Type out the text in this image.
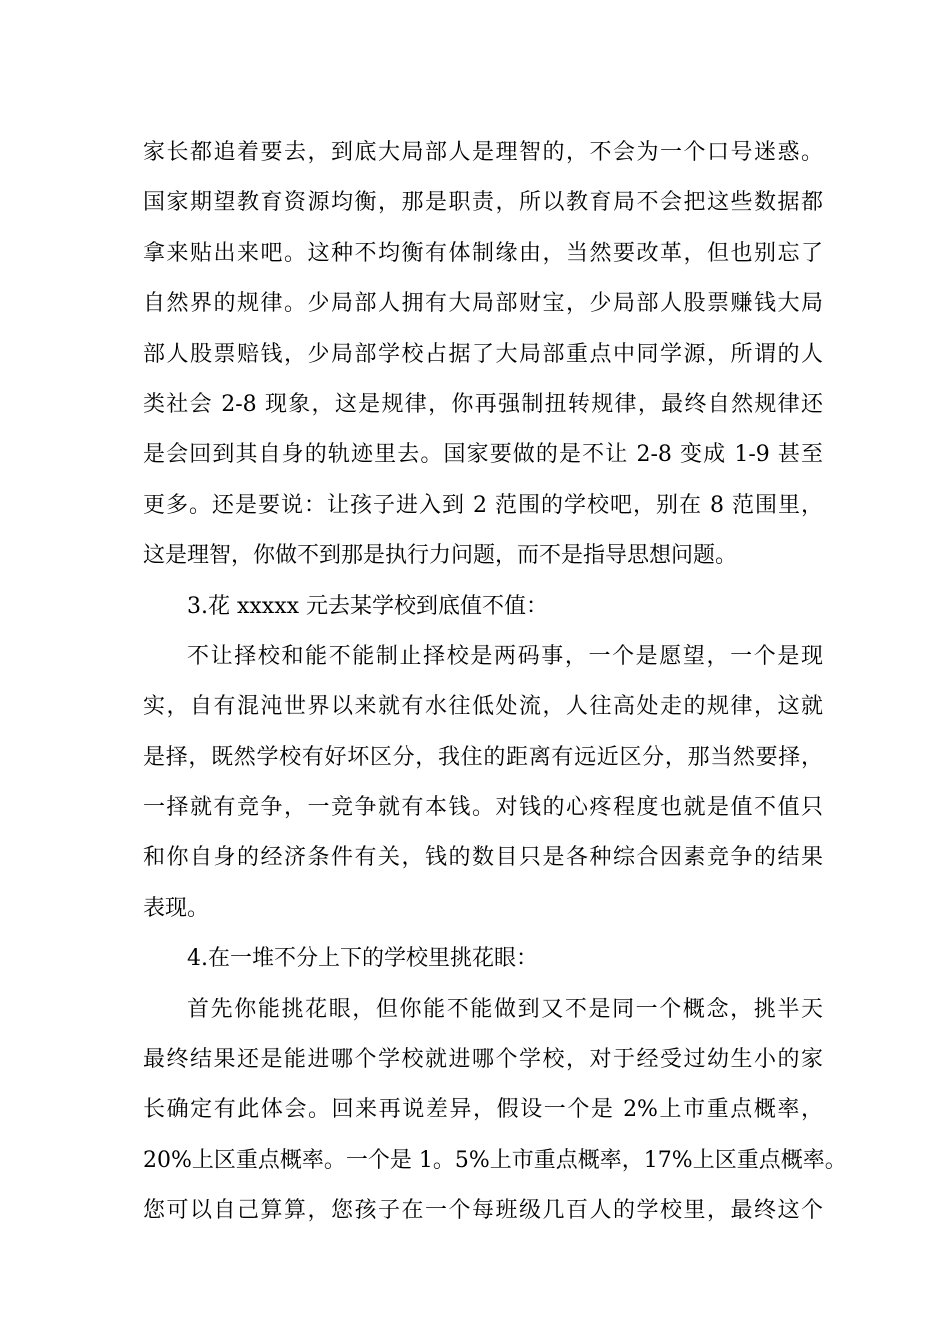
家长都追着要去，到底大局部人是理智的，不会为一个口号迷惑。
国家期望教育资源均衡，那是职责，所以教育局不会把这些数据都
拿来贴出来吧。这种不均衡有体制缘由，当然要改革，但也别忘了
自然界的规律。少局部人拥有大局部财宝，少局部人股票赚钱大局
部人股票赔钱，少局部学校占据了大局部重点中同学源，所谓的人
类社会 2-8 现象，这是规律，你再强制扭转规律，最终自然规律还
是会回到其自身的轨迹里去。国家要做的是不让 2-8 变成 1-9 甚至
更多。还是要说：让孩子进入到 2 范围的学校吧，别在 8 范围里，
这是理智，你做不到那是执行力问题，而不是指导思想问题。
3.花 xxxxx 元去某学校到底值不值：
不让择校和能不能制止择校是两码事，一个是愿望，一个是现
实，自有混沌世界以来就有水往低处流，人往高处走的规律，这就
是择，既然学校有好坏区分，我住的距离有远近区分，那当然要择，
一择就有竞争，一竞争就有本钱。对钱的心疼程度也就是值不值只
和你自身的经济条件有关，钱的数目只是各种综合因素竞争的结果
表现。
4.在一堆不分上下的学校里挑花眼：
首先你能挑花眼，但你能不能做到又不是同一个概念，挑半天
最终结果还是能进哪个学校就进哪个学校，对于经受过幼生小的家
长确定有此体会。回来再说差异，假设一个是 2%上市重点概率，
20%上区重点概率。一个是 1。5%上市重点概率，17%上区重点概率。
您可以自己算算，您孩子在一个每班级几百人的学校里，最终这个
